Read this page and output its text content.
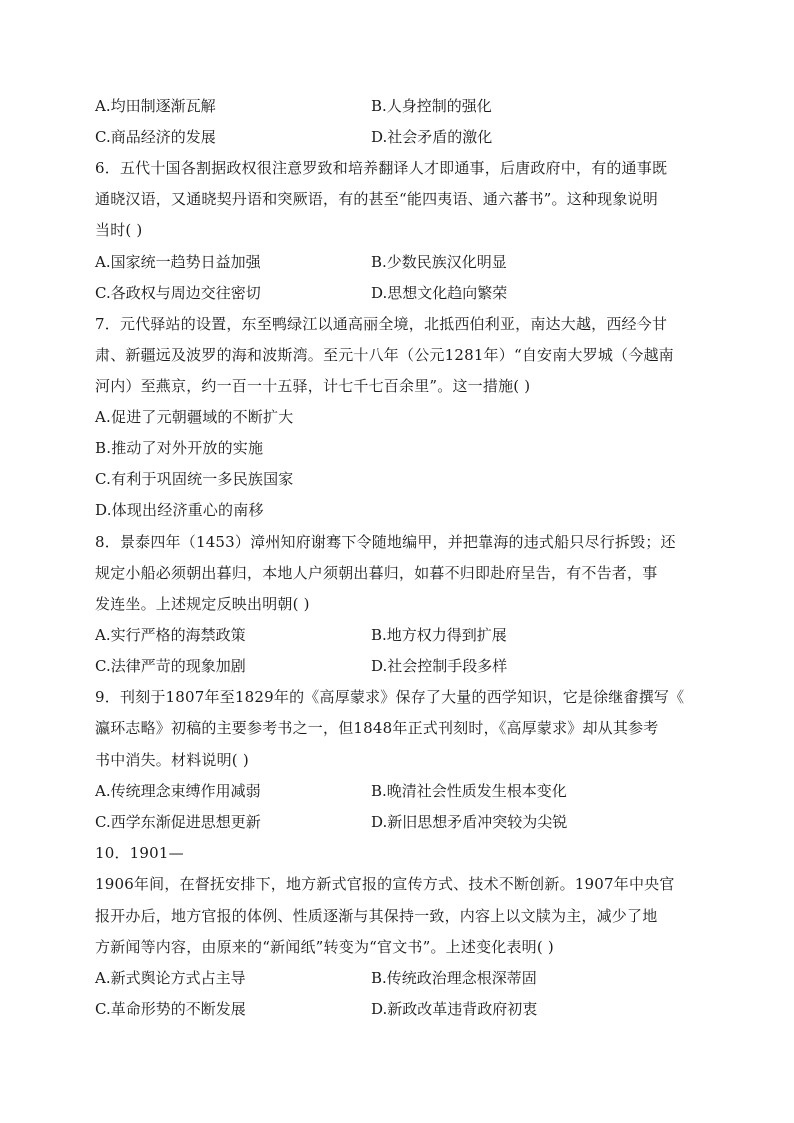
A.均田制逐渐瓦解	B.人身控制的强化
C.商品经济的发展	D.社会矛盾的激化
6．五代十国各割据政权很注意罗致和培养翻译人才即通事，后唐政府中，有的通事既
通晓汉语，又通晓契丹语和突厥语，有的甚至“能四夷语、通六蕃书”。这种现象说明
当时( )
A.国家统一趋势日益加强	B.少数民族汉化明显
C.各政权与周边交往密切	D.思想文化趋向繁荣
7．元代驿站的设置，东至鸭绿江以通高丽全境，北抵西伯利亚，南达大越，西经今甘
肃、新疆远及波罗的海和波斯湾。至元十八年（公元1281年）“自安南大罗城（今越南
河内）至燕京，约一百一十五驿，计七千七百余里”。这一措施( )
A.促进了元朝疆域的不断扩大
B.推动了对外开放的实施
C.有利于巩固统一多民族国家
D.体现出经济重心的南移
8．景泰四年（1453）漳州知府谢骞下令随地编甲，并把靠海的违式船只尽行拆毁；还
规定小船必须朝出暮归，本地人户须朝出暮归，如暮不归即赴府呈告，有不告者，事
发连坐。上述规定反映出明朝( )
A.实行严格的海禁政策	B.地方权力得到扩展
C.法律严苛的现象加剧	D.社会控制手段多样
9．刊刻于1807年至1829年的《高厚蒙求》保存了大量的西学知识，它是徐继畬撰写《
瀛环志略》初稿的主要参考书之一，但1848年正式刊刻时，《高厚蒙求》却从其参考
书中消失。材料说明( )
A.传统理念束缚作用减弱	B.晚清社会性质发生根本变化
C.西学东渐促进思想更新	D.新旧思想矛盾冲突较为尖锐
10．1901—
1906年间，在督抚安排下，地方新式官报的宣传方式、技术不断创新。1907年中央官
报开办后，地方官报的体例、性质逐渐与其保持一致，内容上以文牍为主，减少了地
方新闻等内容，由原来的“新闻纸”转变为“官文书”。上述变化表明( )
A.新式舆论方式占主导	B.传统政治理念根深蒂固
C.革命形势的不断发展	D.新政改革违背政府初衷
